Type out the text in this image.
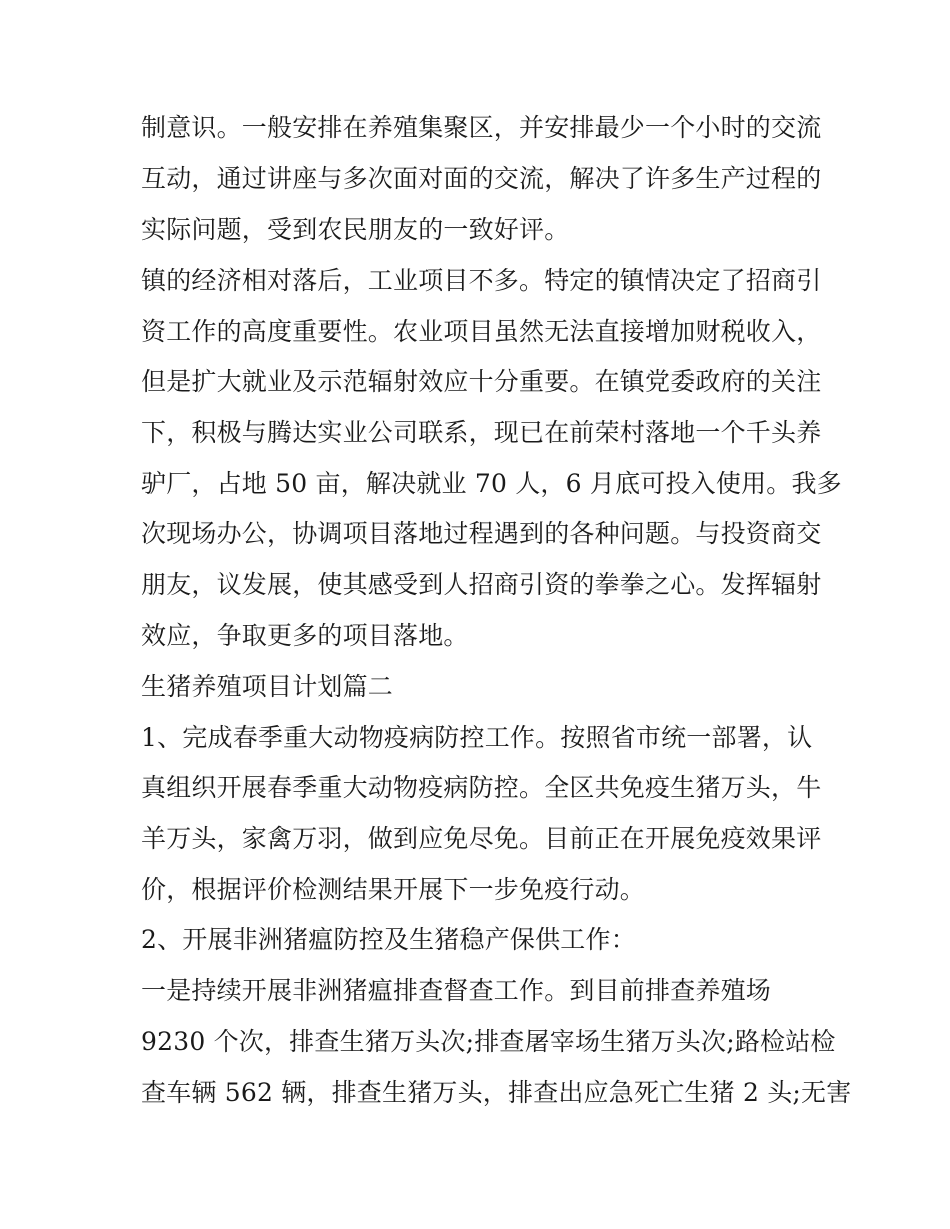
制意识。一般安排在养殖集聚区，并安排最少一个小时的交流
互动，通过讲座与多次面对面的交流，解决了许多生产过程的
实际问题，受到农民朋友的一致好评。
镇的经济相对落后，工业项目不多。特定的镇情决定了招商引
资工作的高度重要性。农业项目虽然无法直接增加财税收入，
但是扩大就业及示范辐射效应十分重要。在镇党委政府的关注
下，积极与腾达实业公司联系，现已在前荣村落地一个千头养
驴厂，占地 50 亩，解决就业 70 人，6 月底可投入使用。我多
次现场办公，协调项目落地过程遇到的各种问题。与投资商交
朋友，议发展，使其感受到人招商引资的拳拳之心。发挥辐射
效应，争取更多的项目落地。
生猪养殖项目计划篇二
1、完成春季重大动物疫病防控工作。按照省市统一部署，认
真组织开展春季重大动物疫病防控。全区共免疫生猪万头，牛
羊万头，家禽万羽，做到应免尽免。目前正在开展免疫效果评
价，根据评价检测结果开展下一步免疫行动。
2、开展非洲猪瘟防控及生猪稳产保供工作：
一是持续开展非洲猪瘟排查督查工作。到目前排查养殖场
9230 个次，排查生猪万头次;排查屠宰场生猪万头次;路检站检
查车辆 562 辆，排查生猪万头，排查出应急死亡生猪 2 头;无害
